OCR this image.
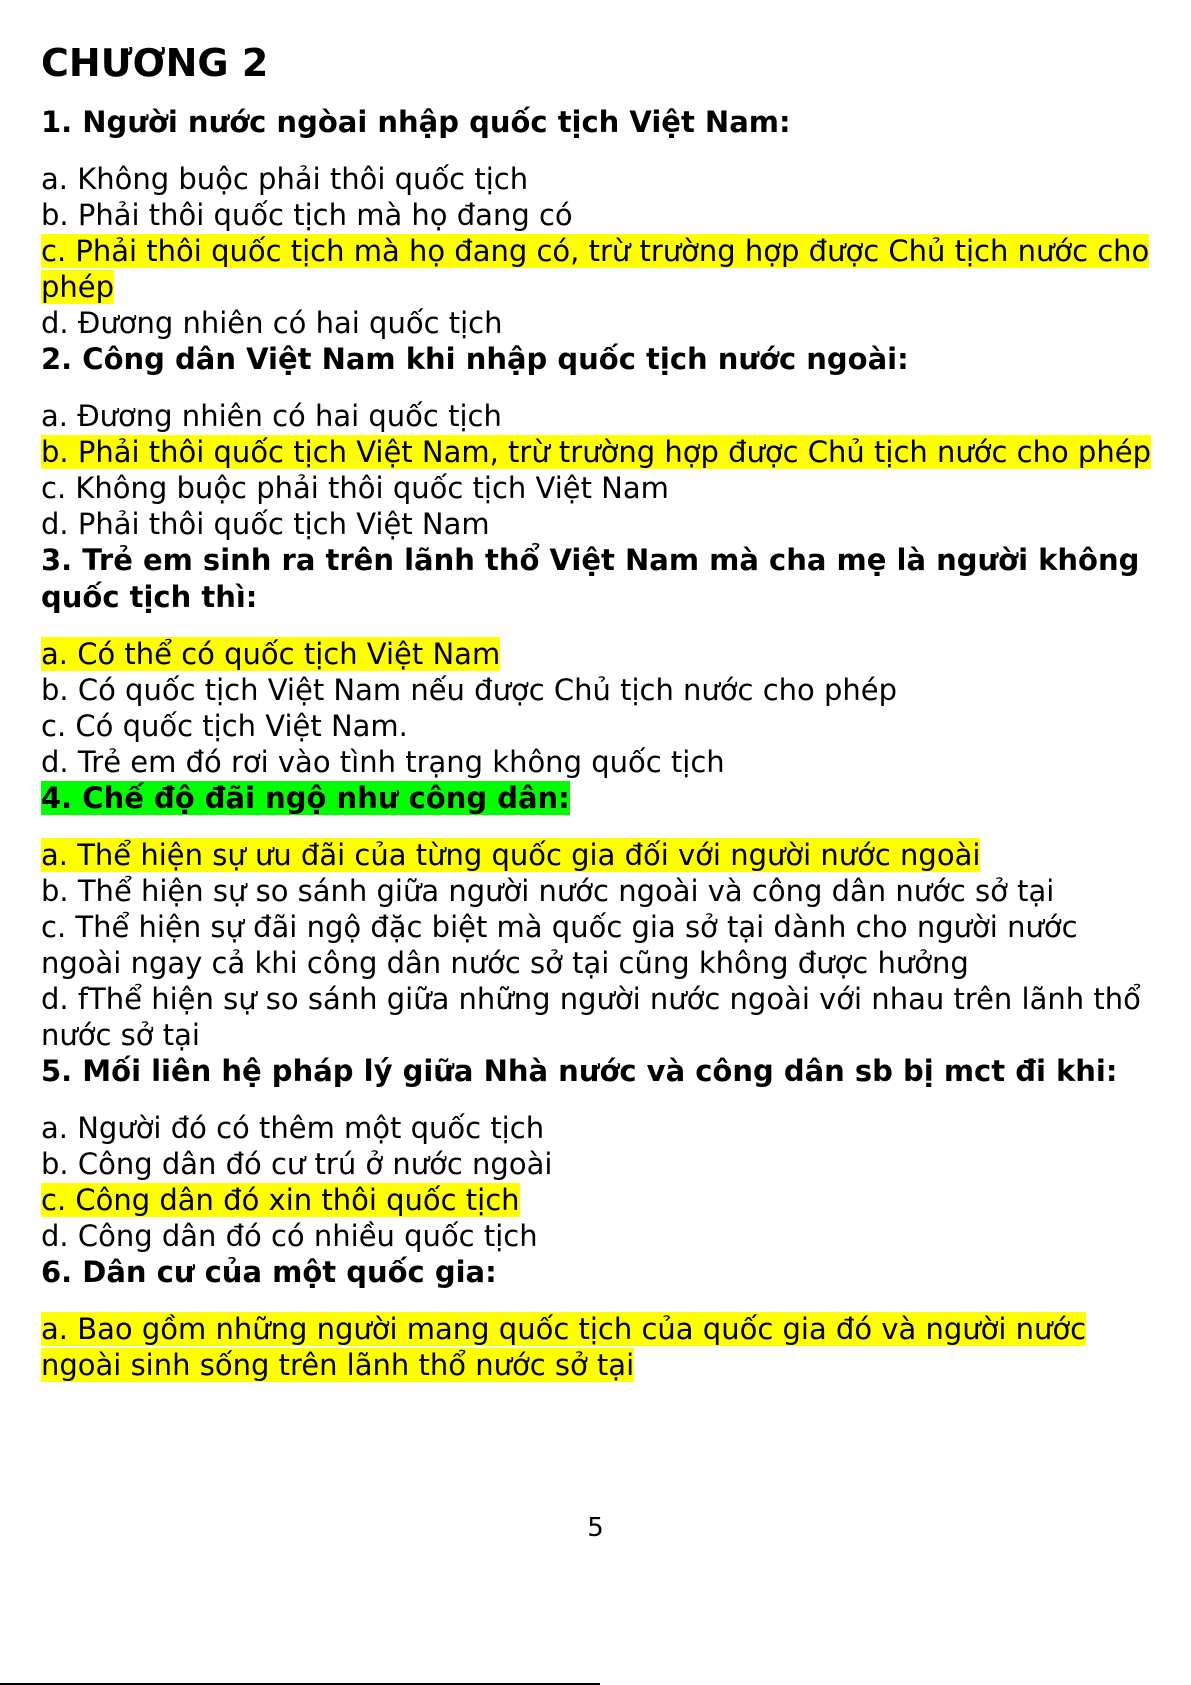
CHƯƠNG 2
1. Người nước ngòai nhập quốc tịch Việt Nam:
a. Không buộc phải thôi quốc tịch
b. Phải thôi quốc tịch mà họ đang có
c. Phải thôi quốc tịch mà họ đang có, trừ trường hợp được Chủ tịch nước cho phép
d. Đương nhiên có hai quốc tịch
2. Công dân Việt Nam khi nhập quốc tịch nước ngoài:
a. Đương nhiên có hai quốc tịch
b. Phải thôi quốc tịch Việt Nam, trừ trường hợp được Chủ tịch nước cho phép
c. Không buộc phải thôi quốc tịch Việt Nam
d. Phải thôi quốc tịch Việt Nam
3. Trẻ em sinh ra trên lãnh thổ Việt Nam mà cha mẹ là người không quốc tịch thì:
a. Có thể có quốc tịch Việt Nam
b. Có quốc tịch Việt Nam nếu được Chủ tịch nước cho phép
c. Có quốc tịch Việt Nam.
d. Trẻ em đó rơi vào tình trạng không quốc tịch
4. Chế độ đãi ngộ như công dân:
a. Thể hiện sự ưu đãi của từng quốc gia đối với người nước ngoài
b. Thể hiện sự so sánh giữa người nước ngoài và công dân nước sở tại
c. Thể hiện sự đãi ngộ đặc biệt mà quốc gia sở tại dành cho người nước ngoài ngay cả khi công dân nước sở tại cũng không được hưởng
d. fThể hiện sự so sánh giữa những người nước ngoài với nhau trên lãnh thổ nước sở tại
5. Mối liên hệ pháp lý giữa Nhà nước và công dân sb bị mct đi khi:
a. Người đó có thêm một quốc tịch
b. Công dân đó cư trú ở nước ngoài
c. Công dân đó xin thôi quốc tịch
d. Công dân đó có nhiều quốc tịch
6. Dân cư của một quốc gia:
a. Bao gồm những người mang quốc tịch của quốc gia đó và người nước ngoài sinh sống trên lãnh thổ nước sở tại
5
